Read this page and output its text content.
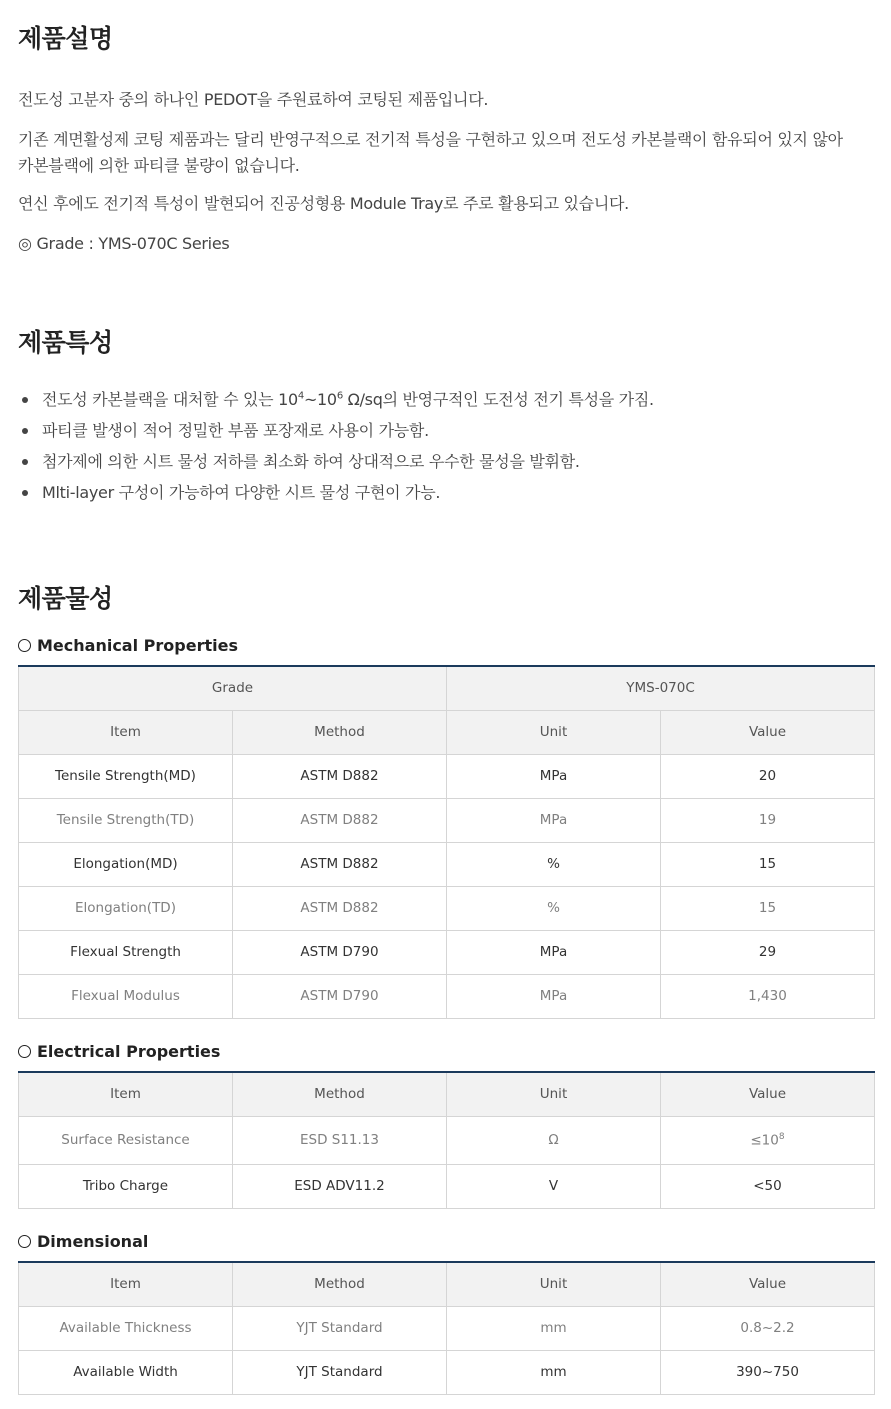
제품설명

전도성 고분자 중의 하나인 PEDOT을 주원료하여 코팅된 제품입니다.

기존 계면활성제 코팅 제품과는 달리 반영구적으로 전기적 특성을 구현하고 있으며 전도성 카본블랙이 함유되어 있지 않아 카본블랙에 의한 파티클 불량이 없습니다.

연신 후에도 전기적 특성이 발현되어 진공성형용 Module Tray로 주로 활용되고 있습니다.

◎ Grade : YMS-070C Series

제품특성
전도성 카본블랙을 대처할 수 있는 $10^4\sim 10^6$ Ω/sq의 반영구적인 도전성 전기 특성을 가짐.
파티클 발생이 적어 정밀한 부품 포장재로 사용이 가능함.
첨가제에 의한 시트 물성 저하를 최소화 하여 상대적으로 우수한 물성을 발휘함.
Mlti-layer 구성이 가능하여 다양한 시트 물성 구현이 가능.
제품물성
Mechanical Properties
Grade		YMS-070C	
Item	Method	Unit	Value
Tensile Strength(MD)	ASTM D882	MPa	20
Tensile Strength(TD)	ASTM D882	MPa	19
Elongation(MD)	ASTM D882	%	15
Elongation(TD)	ASTM D882	%	15
Flexual Strength	ASTM D790	MPa	29
Flexual Modulus	ASTM D790	MPa	1,430
Electrical Properties
Item	Method	Unit	Value
Surface Resistance	ESD S11.13	Ω	$\le 10^8$
Tribo Charge	ESD ADV11.2	V	<50
Dimensional
Item	Method	Unit	Value
Available Thickness	YJT Standard	mm	0.8~2.2
Available Width	YJT Standard	mm	390~750
